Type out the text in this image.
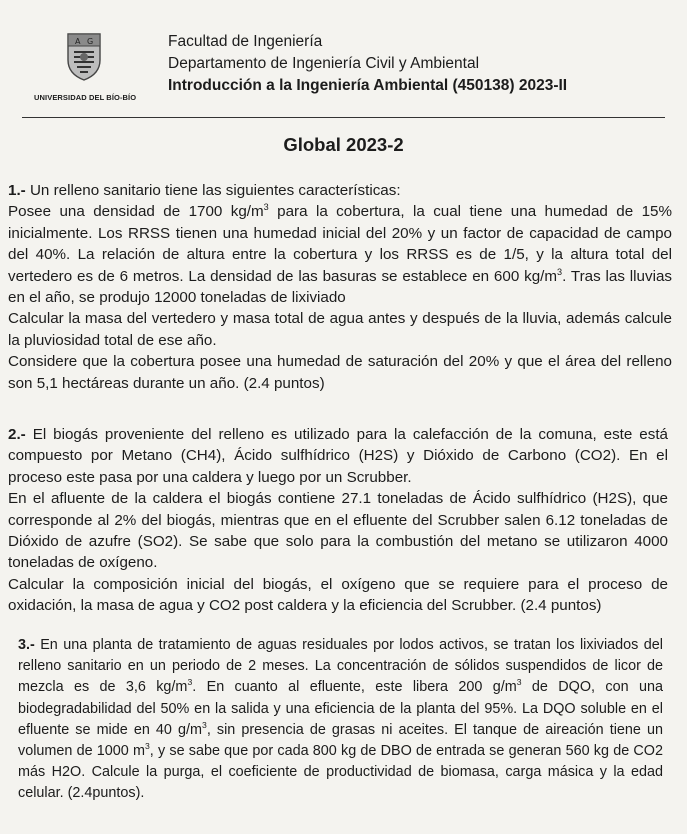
A G
UNIVERSIDAD DEL BÍO-BÍO
Facultad de Ingeniería
Departamento de Ingeniería Civil y Ambiental
Introducción a la Ingeniería Ambiental (450138) 2023-II
Global 2023-2

1.- Un relleno sanitario tiene las siguientes características:

Posee una densidad de 1700 $kg/m^3$ para la cobertura, la cual tiene una humedad de 15% inicialmente. Los RRSS tienen una humedad inicial del 20% y un factor de capacidad de campo del 40%. La relación de altura entre la cobertura y los RRSS es de 1/5, y la altura total del vertedero es de 6 metros. La densidad de las basuras se establece en 600 $kg/m^3$. Tras las lluvias en el año, se produjo 12000 toneladas de lixiviado

Calcular la masa del vertedero y masa total de agua antes y después de la lluvia, además calcule la pluviosidad total de ese año.

Considere que la cobertura posee una humedad de saturación del 20% y que el área del relleno son 5,1 hectáreas durante un año. (2.4 puntos)

2.- El biogás proveniente del relleno es utilizado para la calefacción de la comuna, este está compuesto por Metano (CH4), Ácido sulfhídrico (H2S) y Dióxido de Carbono (CO2). En el proceso este pasa por una caldera y luego por un Scrubber.

En el afluente de la caldera el biogás contiene 27.1 toneladas de Ácido sulfhídrico (H2S), que corresponde al 2% del biogás, mientras que en el efluente del Scrubber salen 6.12 toneladas de Dióxido de azufre (SO2). Se sabe que solo para la combustión del metano se utilizaron 4000 toneladas de oxígeno.

Calcular la composición inicial del biogás, el oxígeno que se requiere para el proceso de oxidación, la masa de agua y CO2 post caldera y la eficiencia del Scrubber. (2.4 puntos)

3.- En una planta de tratamiento de aguas residuales por lodos activos, se tratan los lixiviados del relleno sanitario en un periodo de 2 meses. La concentración de sólidos suspendidos de licor de mezcla es de 3,6 $kg/m^3$. En cuanto al efluente, este libera 200 $g/m^3$ de DQO, con una biodegradabilidad del 50% en la salida y una eficiencia de la planta del 95%. La DQO soluble en el efluente se mide en 40 $g/m^3$, sin presencia de grasas ni aceites. El tanque de aireación tiene un volumen de 1000 $m^3$, y se sabe que por cada 800 kg de DBO de entrada se generan 560 kg de CO2 más H2O. Calcule la purga, el coeficiente de productividad de biomasa, carga másica y la edad celular. (2.4puntos).
